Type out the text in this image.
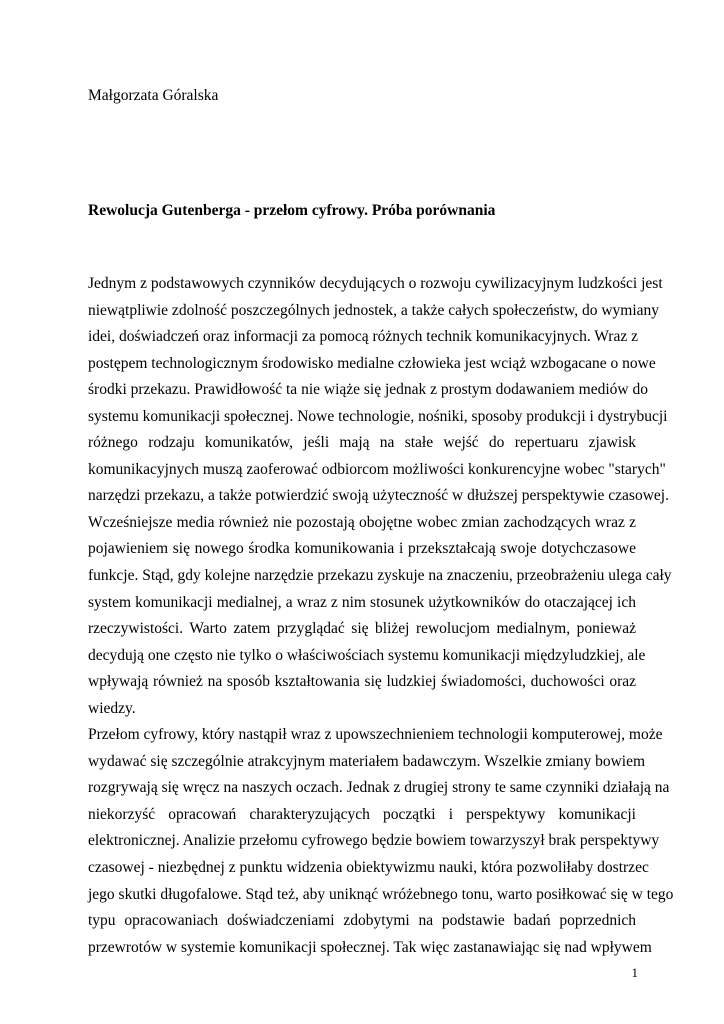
Małgorzata Góralska

Rewolucja Gutenberga - przełom cyfrowy. Próba porównania

Jednym z podstawowych czynników decydujących o rozwoju cywilizacyjnym ludzkości jest
niewątpliwie zdolność poszczególnych jednostek, a także całych społeczeństw, do wymiany
idei, doświadczeń oraz informacji za pomocą różnych technik komunikacyjnych. Wraz z
postępem technologicznym środowisko medialne człowieka jest wciąż wzbogacane o nowe
środki przekazu. Prawidłowość ta nie wiąże się jednak z prostym dodawaniem mediów do
systemu komunikacji społecznej. Nowe technologie, nośniki, sposoby produkcji i dystrybucji
różnego rodzaju komunikatów, jeśli mają na stałe wejść do repertuaru zjawisk
komunikacyjnych muszą zaoferować odbiorcom możliwości konkurencyjne wobec "starych"
narzędzi przekazu, a także potwierdzić swoją użyteczność w dłuższej perspektywie czasowej.
Wcześniejsze media również nie pozostają obojętne wobec zmian zachodzących wraz z
pojawieniem się nowego środka komunikowania i przekształcają swoje dotychczasowe
funkcje. Stąd, gdy kolejne narzędzie przekazu zyskuje na znaczeniu, przeobrażeniu ulega cały
system komunikacji medialnej, a wraz z nim stosunek użytkowników do otaczającej ich
rzeczywistości. Warto zatem przyglądać się bliżej rewolucjom medialnym, ponieważ
decydują one często nie tylko o właściwościach systemu komunikacji międzyludzkiej, ale
wpływają również na sposób kształtowania się ludzkiej świadomości, duchowości oraz
wiedzy.
Przełom cyfrowy, który nastąpił wraz z upowszechnieniem technologii komputerowej, może
wydawać się szczególnie atrakcyjnym materiałem badawczym. Wszelkie zmiany bowiem
rozgrywają się wręcz na naszych oczach. Jednak z drugiej strony te same czynniki działają na
niekorzyść opracowań charakteryzujących początki i perspektywy komunikacji
elektronicznej. Analizie przełomu cyfrowego będzie bowiem towarzyszył brak perspektywy
czasowej - niezbędnej z punktu widzenia obiektywizmu nauki, która pozwoliłaby dostrzec
jego skutki długofalowe. Stąd też, aby uniknąć wróżebnego tonu, warto posiłkować się w tego
typu opracowaniach doświadczeniami zdobytymi na podstawie badań poprzednich
przewrotów w systemie komunikacji społecznej. Tak więc zastanawiając się nad wpływem

1
